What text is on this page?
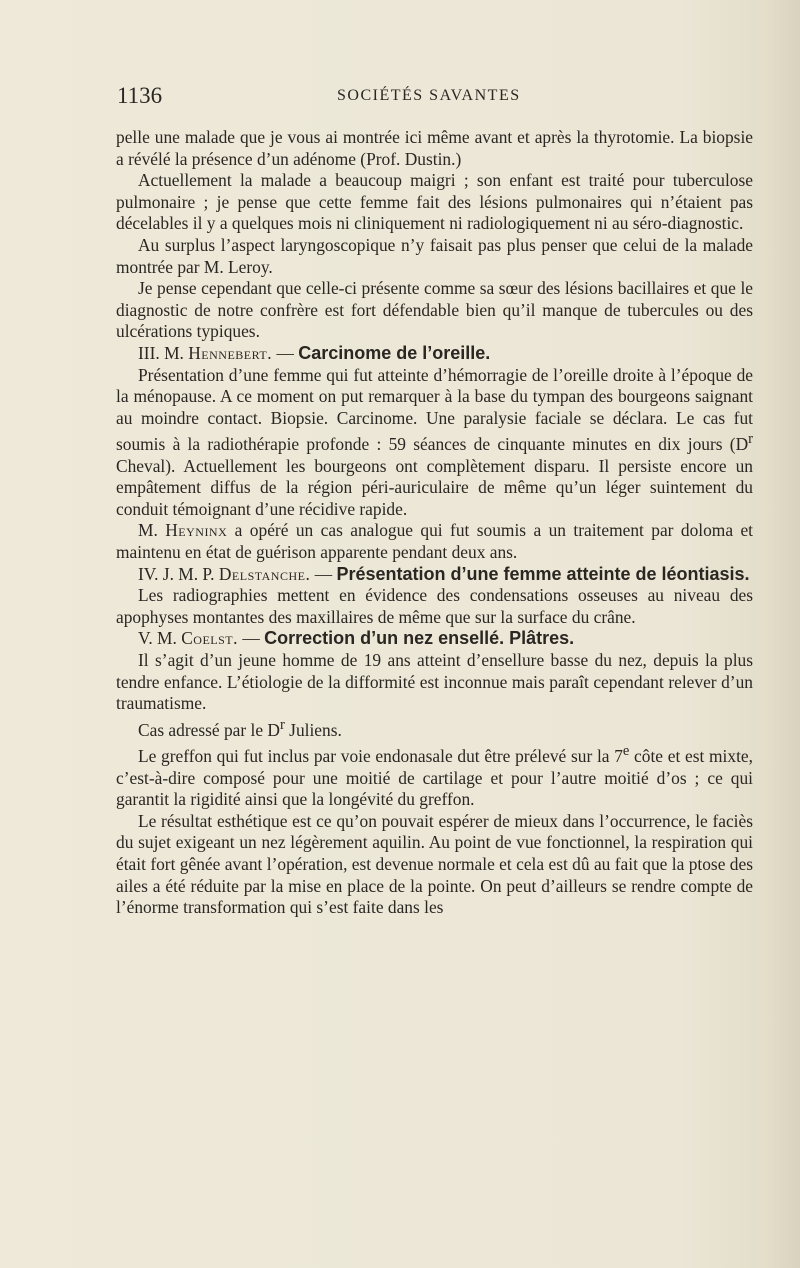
1136	SOCIÉTÉS SAVANTES

pelle une malade que je vous ai montrée ici même avant et après la thyrotomie. La biopsie a révélé la présence d’un adénome (Prof. Dustin.)

Actuellement la malade a beaucoup maigri ; son enfant est traité pour tuberculose pulmonaire ; je pense que cette femme fait des lésions pulmonaires qui n’étaient pas décelables il y a quelques mois ni cliniquement ni radiologiquement ni au séro-diagnostic.

Au surplus l’aspect laryngoscopique n’y faisait pas plus penser que celui de la malade montrée par M. Leroy.

Je pense cependant que celle-ci présente comme sa sœur des lésions bacillaires et que le diagnostic de notre confrère est fort défendable bien qu’il manque de tubercules ou des ulcérations typiques.

III. M. Hennebert. — Carcinome de l’oreille.

Présentation d’une femme qui fut atteinte d’hémorragie de l’oreille droite à l’époque de la ménopause. A ce moment on put remarquer à la base du tympan des bourgeons saignant au moindre contact. Biopsie. Carcinome. Une paralysie faciale se déclara. Le cas fut soumis à la radiothérapie profonde : 59 séances de cinquante minutes en dix jours ($D^r$ Cheval). Actuellement les bourgeons ont complètement disparu. Il persiste encore un empâtement diffus de la région péri-auriculaire de même qu’un léger suintement du conduit témoignant d’une récidive rapide.

M. Heyninx a opéré un cas analogue qui fut soumis a un traitement par doloma et maintenu en état de guérison apparente pendant deux ans.

IV. J. M. P. Delstanche. — Présentation d’une femme atteinte de léontiasis.

Les radiographies mettent en évidence des condensations osseuses au niveau des apophyses montantes des maxillaires de même que sur la surface du crâne.

V. M. Coelst. — Correction d’un nez ensellé. Plâtres.

Il s’agit d’un jeune homme de 19 ans atteint d’ensellure basse du nez, depuis la plus tendre enfance. L’étiologie de la difformité est inconnue mais paraît cependant relever d’un traumatisme.

Cas adressé par le $D^r$ Juliens.

Le greffon qui fut inclus par voie endonasale dut être prélevé sur la 7e côte et est mixte, c’est-à-dire composé pour une moitié de cartilage et pour l’autre moitié d’os ; ce qui garantit la rigidité ainsi que la longévité du greffon.

Le résultat esthétique est ce qu’on pouvait espérer de mieux dans l’occurrence, le faciès du sujet exigeant un nez légèrement aquilin. Au point de vue fonctionnel, la respiration qui était fort gênée avant l’opération, est devenue normale et cela est dû au fait que la ptose des ailes a été réduite par la mise en place de la pointe. On peut d’ailleurs se rendre compte de l’énorme transformation qui s’est faite dans les
